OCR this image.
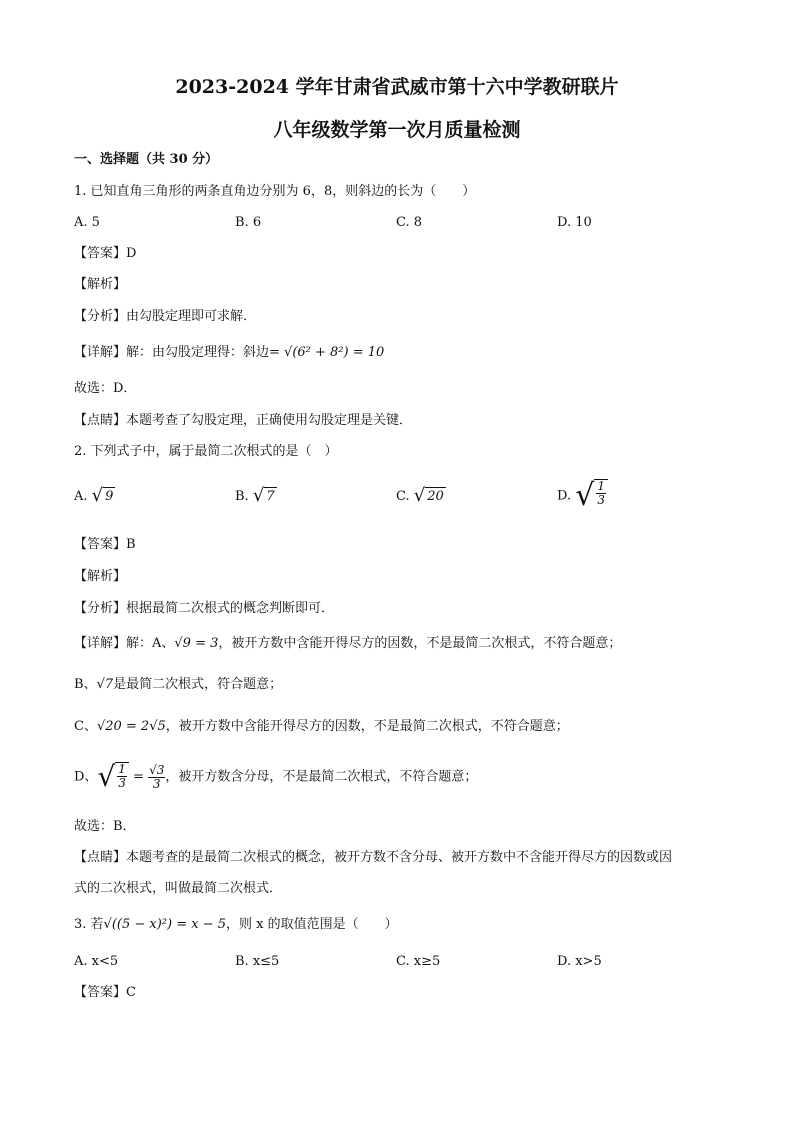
2023-2024 学年甘肃省武威市第十六中学教研联片
八年级数学第一次月质量检测
一、选择题（共 30 分）
1. 已知直角三角形的两条直角边分别为 6，8，则斜边的长为（　　）
A. 5	B. 6	C. 8	D. 10
【答案】D
【解析】
【分析】由勾股定理即可求解．
【详解】解：由勾股定理得：斜边= √(6² + 8²) = 10
故选：D．
【点睛】本题考查了勾股定理，正确使用勾股定理是关键．
2. 下列式子中，属于最简二次根式的是（　）
A. √ 9	B. √ 7	C. √ 20	D. √ $\frac{1}{3}$
【答案】B
【解析】
【分析】根据最简二次根式的概念判断即可．
【详解】解：A、√9 = 3，被开方数中含能开得尽方的因数，不是最简二次根式，不符合题意；
B、√7是最简二次根式，符合题意；
C、√20 = 2√5，被开方数中含能开得尽方的因数，不是最简二次根式，不符合题意；
D、 √ $\frac{1}{3} = \frac{√3}{3}$ ，被开方数含分母，不是最简二次根式，不符合题意；
故选：B．
【点睛】本题考查的是最简二次根式的概念，被开方数不含分母、被开方数中不含能开得尽方的因数或因
式的二次根式，叫做最简二次根式．
3. 若√((5 − x)²) = x − 5，则 x 的取值范围是（　　）
A. x<5	B. x≤5	C. x≥5	D. x>5
【答案】C
